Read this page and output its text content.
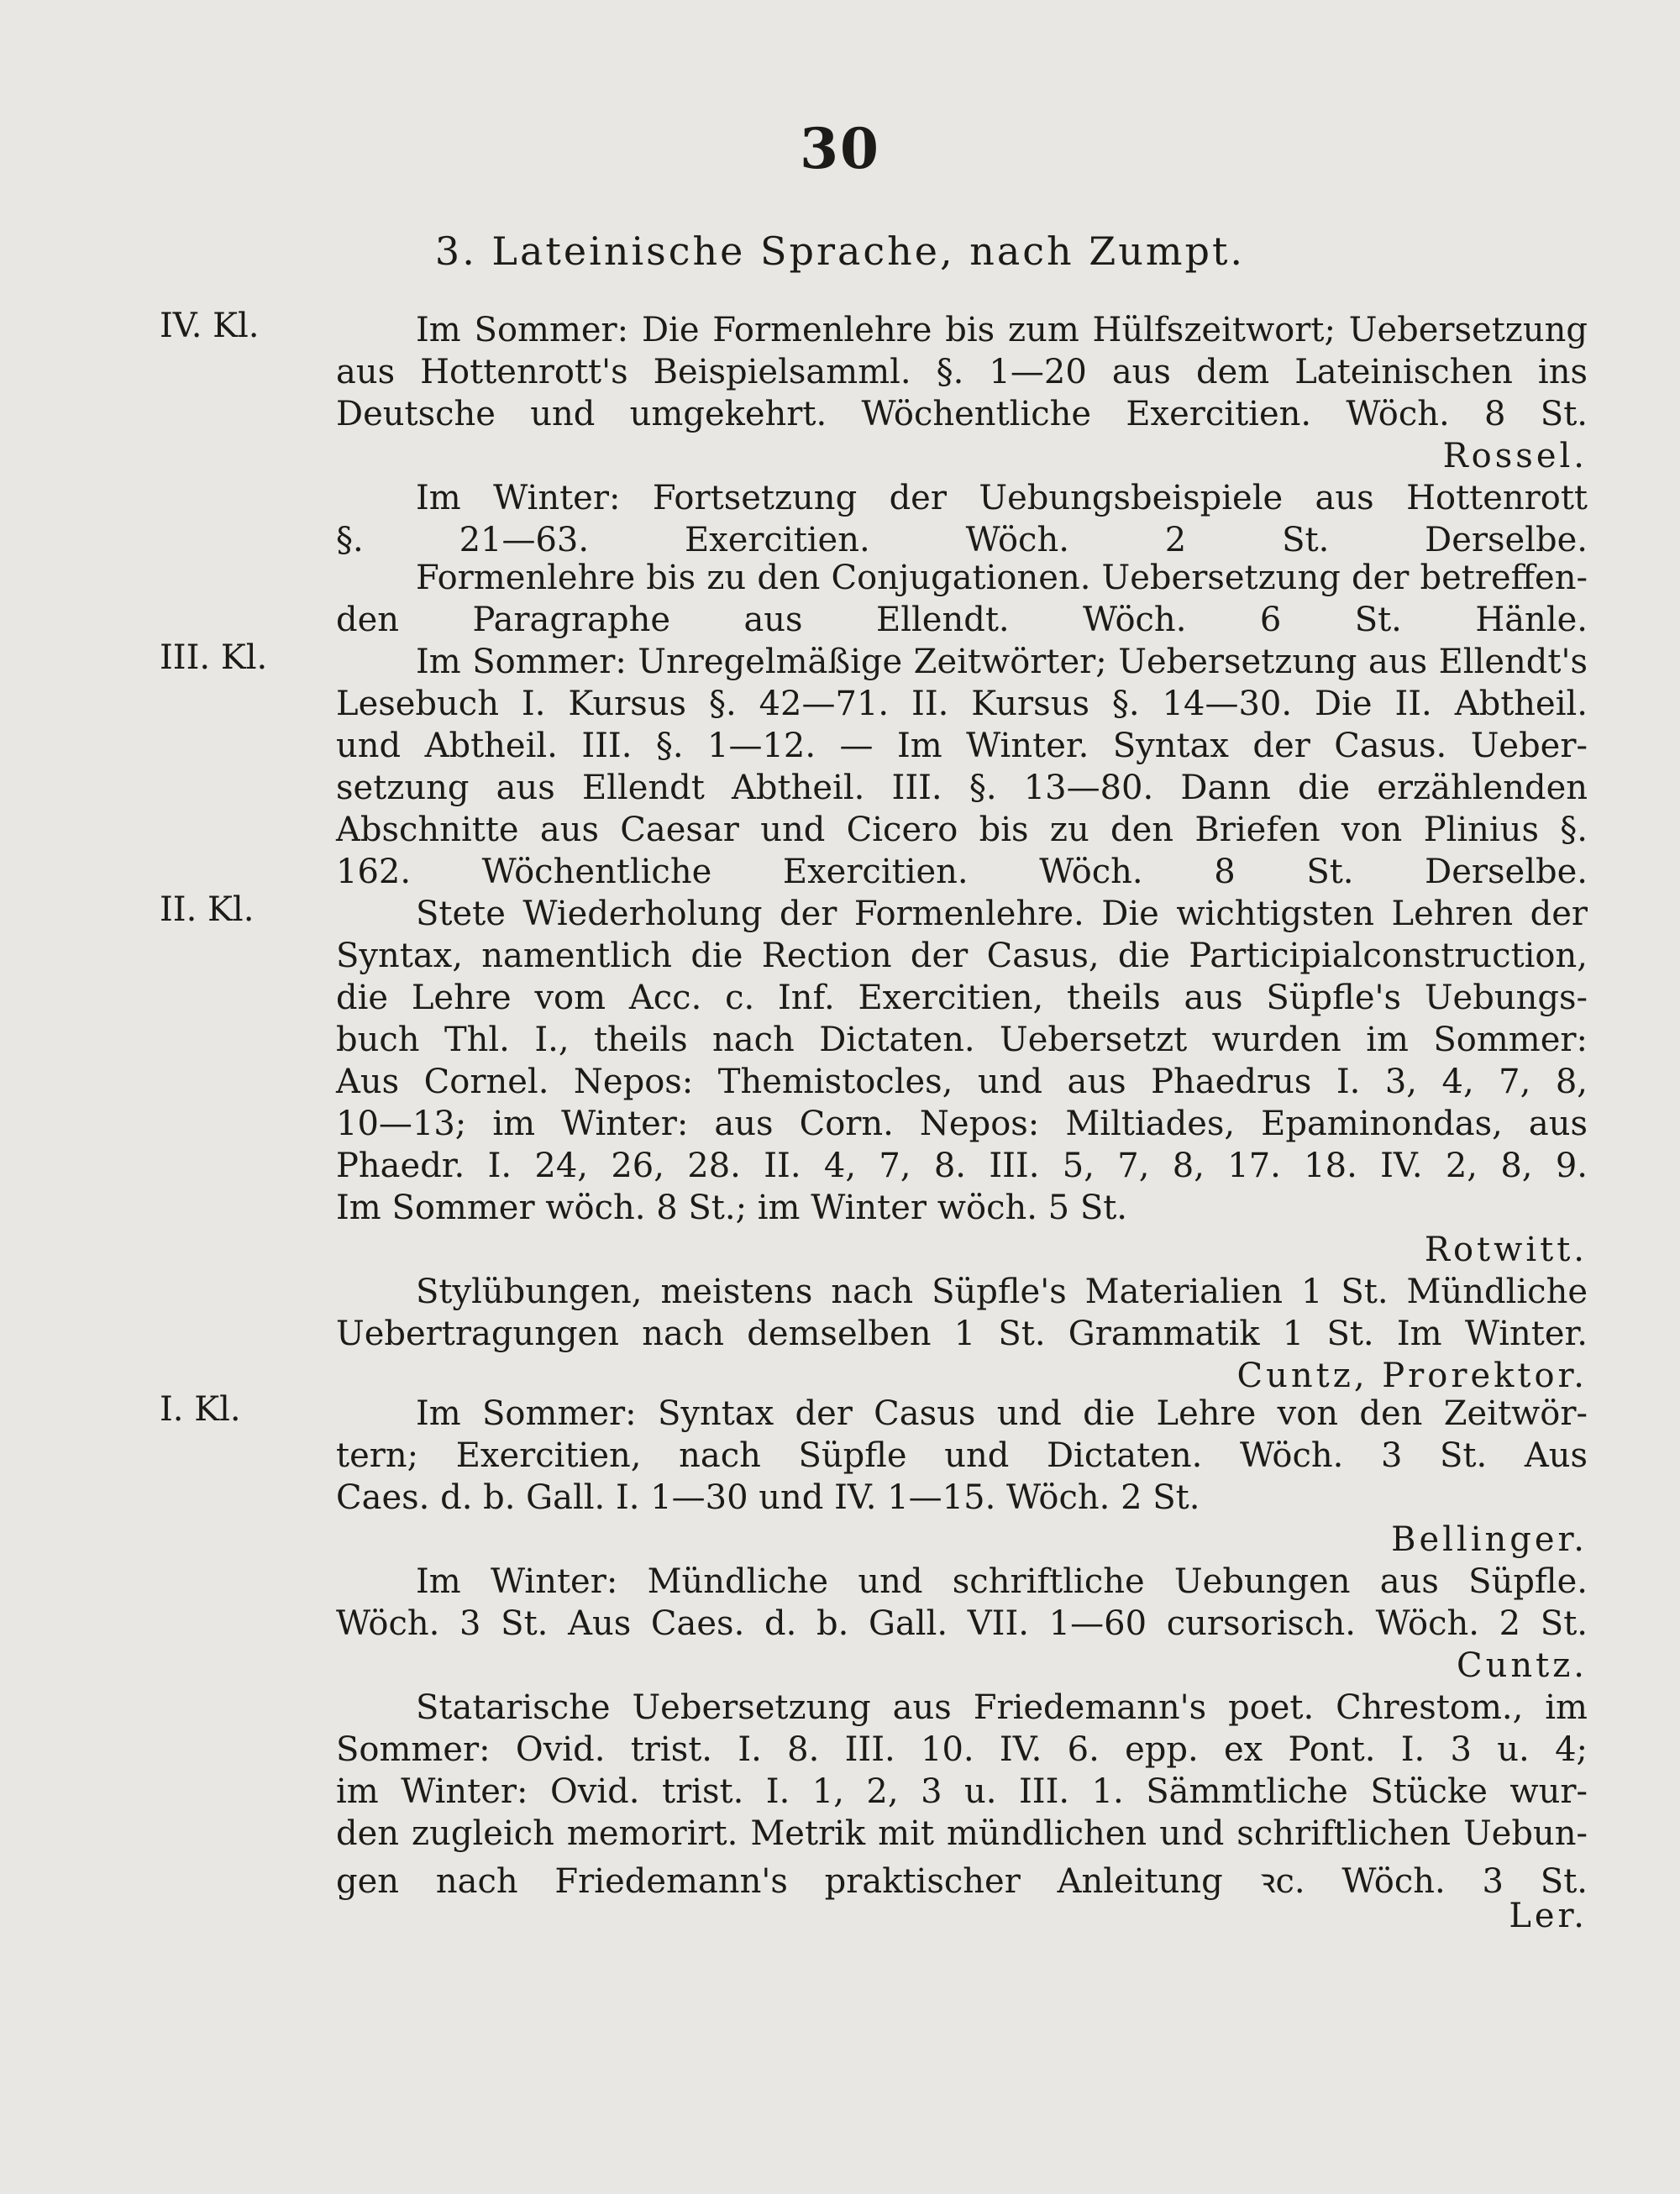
30
3. Lateinische Sprache, nach Zumpt.
IV. Kl.
III. Kl.
II. Kl.
I. Kl.
Im Sommer: Die Formenlehre bis zum Hülfszeitwort; Uebersetzung
aus Hottenrott's Beispielsamml. §. 1—20 aus dem Lateinischen ins
Deutsche und umgekehrt. Wöchentliche Exercitien. Wöch. 8 St.
Rossel.
Im Winter: Fortsetzung der Uebungsbeispiele aus Hottenrott
§. 21—63. Exercitien. Wöch. 2 St. Derselbe.
Formenlehre bis zu den Conjugationen. Uebersetzung der betreffen-
den Paragraphe aus Ellendt. Wöch. 6 St. Hänle.
Im Sommer: Unregelmäßige Zeitwörter; Uebersetzung aus Ellendt's
Lesebuch I. Kursus §. 42—71. II. Kursus §. 14—30. Die II. Abtheil.
und Abtheil. III. §. 1—12. — Im Winter. Syntax der Casus. Ueber-
setzung aus Ellendt Abtheil. III. §. 13—80. Dann die erzählenden
Abschnitte aus Caesar und Cicero bis zu den Briefen von Plinius §.
162. Wöchentliche Exercitien. Wöch. 8 St. Derselbe.
Stete Wiederholung der Formenlehre. Die wichtigsten Lehren der
Syntax, namentlich die Rection der Casus, die Participialconstruction,
die Lehre vom Acc. c. Inf. Exercitien, theils aus Süpfle's Uebungs-
buch Thl. I., theils nach Dictaten. Uebersetzt wurden im Sommer:
Aus Cornel. Nepos: Themistocles, und aus Phaedrus I. 3, 4, 7, 8,
10—13; im Winter: aus Corn. Nepos: Miltiades, Epaminondas, aus
Phaedr. I. 24, 26, 28. II. 4, 7, 8. III. 5, 7, 8, 17. 18. IV. 2, 8, 9.
Im Sommer wöch. 8 St.; im Winter wöch. 5 St.
Rotwitt.
Stylübungen, meistens nach Süpfle's Materialien 1 St. Mündliche
Uebertragungen nach demselben 1 St. Grammatik 1 St. Im Winter.
Cuntz, Prorektor.
Im Sommer: Syntax der Casus und die Lehre von den Zeitwör-
tern; Exercitien, nach Süpfle und Dictaten. Wöch. 3 St. Aus
Caes. d. b. Gall. I. 1—30 und IV. 1—15. Wöch. 2 St.
Bellinger.
Im Winter: Mündliche und schriftliche Uebungen aus Süpfle.
Wöch. 3 St. Aus Caes. d. b. Gall. VII. 1—60 cursorisch. Wöch. 2 St.
Cuntz.
Statarische Uebersetzung aus Friedemann's poet. Chrestom., im
Sommer: Ovid. trist. I. 8. III. 10. IV. 6. epp. ex Pont. I. 3 u. 4;
im Winter: Ovid. trist. I. 1, 2, 3 u. III. 1. Sämmtliche Stücke wur-
den zugleich memorirt. Metrik mit mündlichen und schriftlichen Uebun-
gen nach Friedemann's praktischer Anleitung ꝛc. Wöch. 3 St.
Ler.
